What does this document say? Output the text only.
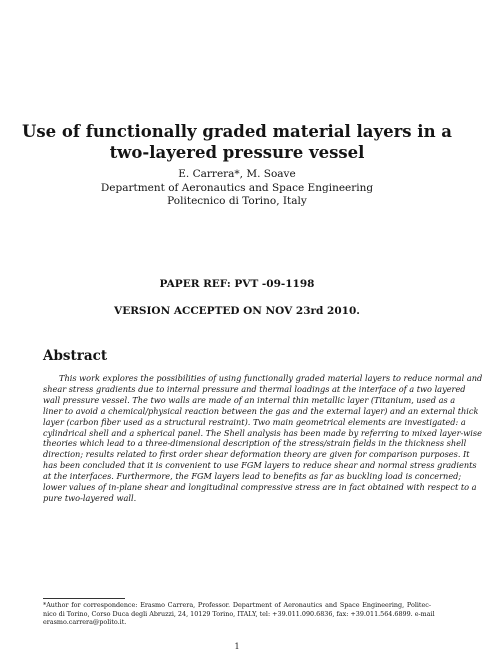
Use of functionally graded material layers in a
two-layered pressure vessel
E. Carrera*, M. Soave
Department of Aeronautics and Space Engineering
Politecnico di Torino, Italy
PAPER REF: PVT -09-1198
VERSION ACCEPTED ON NOV 23rd 2010.
Abstract
This work explores the possibilities of using functionally graded material layers to reduce normal and
shear stress gradients due to internal pressure and thermal loadings at the interface of a two layered
wall pressure vessel. The two walls are made of an internal thin metallic layer (Titanium, used as a
liner to avoid a chemical/physical reaction between the gas and the external layer) and an external thick
layer (carbon fiber used as a structural restraint). Two main geometrical elements are investigated: a
cylindrical shell and a spherical panel. The Shell analysis has been made by referring to mixed layer-wise
theories which lead to a three-dimensional description of the stress/strain fields in the thickness shell
direction; results related to first order shear deformation theory are given for comparison purposes. It
has been concluded that it is convenient to use FGM layers to reduce shear and normal stress gradients
at the interfaces. Furthermore, the FGM layers lead to benefits as far as buckling load is concerned;
lower values of in-plane shear and longitudinal compressive stress are in fact obtained with respect to a
pure two-layered wall.
*Author for correspondence: Erasmo Carrera, Professor. Department of Aeronautics and Space Engineering, Politec-
nico di Torino, Corso Duca degli Abruzzi, 24, 10129 Torino, ITALY, tel: +39.011.090.6836, fax: +39.011.564.6899. e-mail
erasmo.carrera@polito.it.
1
